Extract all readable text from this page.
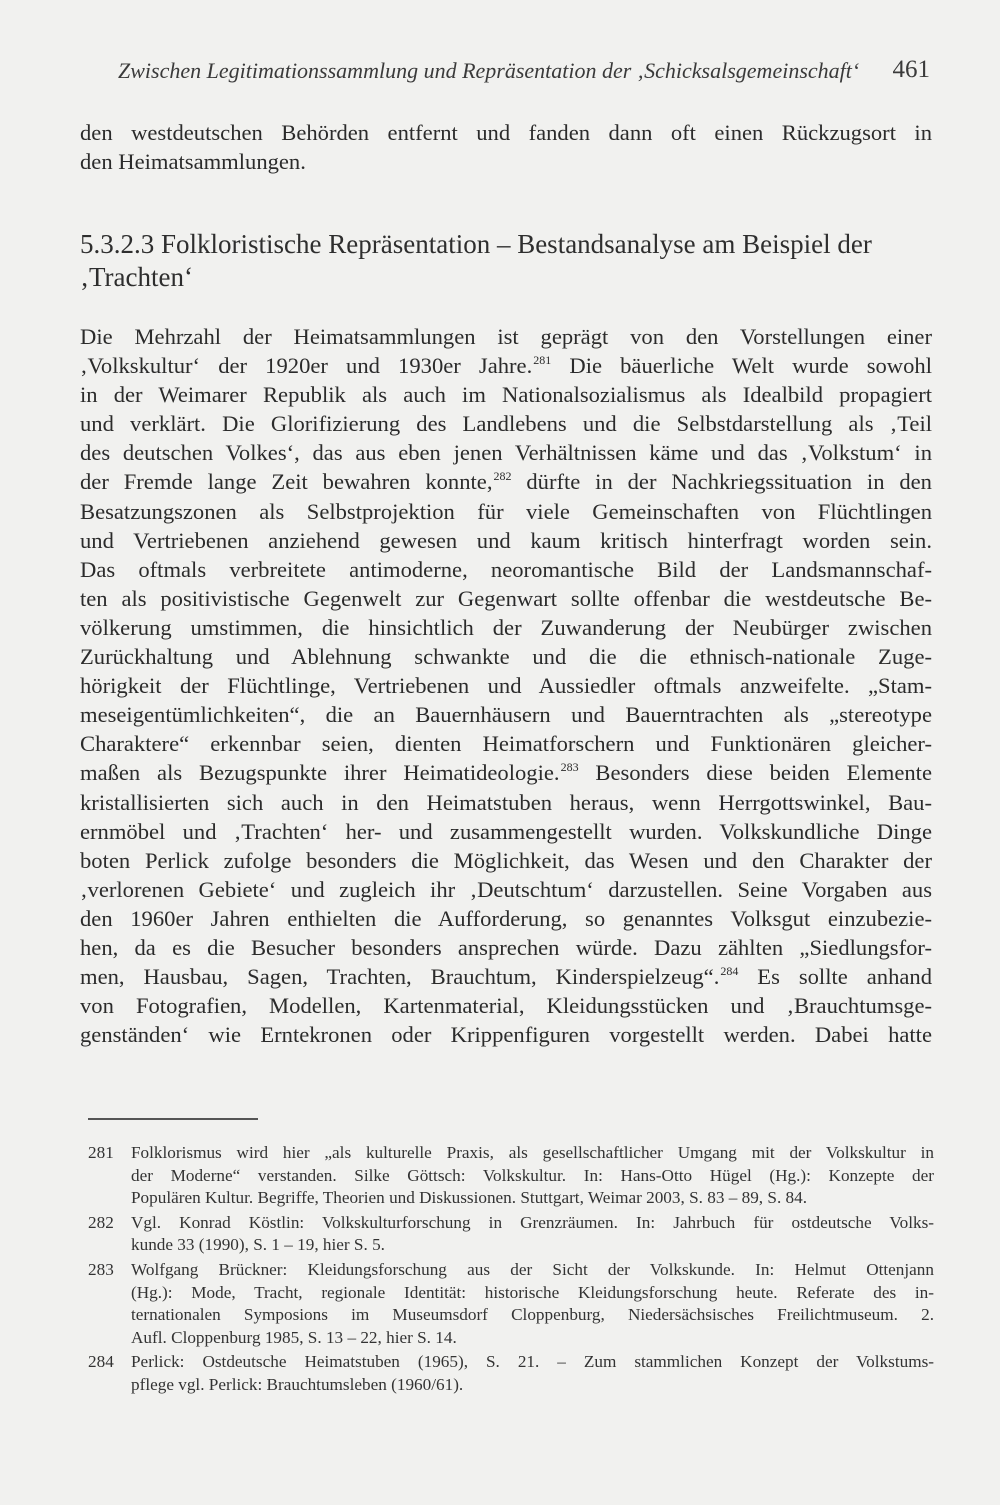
Zwischen Legitimationssammlung und Repräsentation der ‚Schicksalsgemeinschaft‘ 461
den westdeutschen Behörden entfernt und fanden dann oft einen Rückzugsort in
den Heimatsammlungen.
5.3.2.3 Folkloristische Repräsentation – Bestandsanalyse am Beispiel der
‚Trachten‘
Die Mehrzahl der Heimatsammlungen ist geprägt von den Vorstellungen einer
‚Volkskultur‘ der 1920er und 1930er Jahre.$^{281}$ Die bäuerliche Welt wurde sowohl
in der Weimarer Republik als auch im Nationalsozialismus als Idealbild propagiert
und verklärt. Die Glorifizierung des Landlebens und die Selbstdarstellung als ‚Teil
des deutschen Volkes‘, das aus eben jenen Verhältnissen käme und das ‚Volkstum‘ in
der Fremde lange Zeit bewahren konnte,$^{282}$ dürfte in der Nachkriegssituation in den
Besatzungszonen als Selbstprojektion für viele Gemeinschaften von Flüchtlingen
und Vertriebenen anziehend gewesen und kaum kritisch hinterfragt worden sein.
Das oftmals verbreitete antimoderne, neoromantische Bild der Landsmannschaf-
ten als positivistische Gegenwelt zur Gegenwart sollte offenbar die westdeutsche Be-
völkerung umstimmen, die hinsichtlich der Zuwanderung der Neubürger zwischen
Zurückhaltung und Ablehnung schwankte und die die ethnisch-nationale Zuge-
hörigkeit der Flüchtlinge, Vertriebenen und Aussiedler oftmals anzweifelte. „Stam-
meseigentümlichkeiten“, die an Bauernhäusern und Bauerntrachten als „stereotype
Charaktere“ erkennbar seien, dienten Heimatforschern und Funktionären gleicher-
maßen als Bezugspunkte ihrer Heimatideologie.$^{283}$ Besonders diese beiden Elemente
kristallisierten sich auch in den Heimatstuben heraus, wenn Herrgottswinkel, Bau-
ernmöbel und ‚Trachten‘ her- und zusammengestellt wurden. Volkskundliche Dinge
boten Perlick zufolge besonders die Möglichkeit, das Wesen und den Charakter der
‚verlorenen Gebiete‘ und zugleich ihr ‚Deutschtum‘ darzustellen. Seine Vorgaben aus
den 1960er Jahren enthielten die Aufforderung, so genanntes Volksgut einzubezie-
hen, da es die Besucher besonders ansprechen würde. Dazu zählten „Siedlungsfor-
men, Hausbau, Sagen, Trachten, Brauchtum, Kinderspielzeug“.$^{284}$ Es sollte anhand
von Fotografien, Modellen, Kartenmaterial, Kleidungsstücken und ‚Brauchtumsge-
genständen‘ wie Erntekronen oder Krippenfiguren vorgestellt werden. Dabei hatte
281 Folklorismus wird hier „als kulturelle Praxis, als gesellschaftlicher Umgang mit der Volkskultur in
der Moderne“ verstanden. Silke Göttsch: Volkskultur. In: Hans-Otto Hügel (Hg.): Konzepte der
Populären Kultur. Begriffe, Theorien und Diskussionen. Stuttgart, Weimar 2003, S. 83 – 89, S. 84.
282 Vgl. Konrad Köstlin: Volkskulturforschung in Grenzräumen. In: Jahrbuch für ostdeutsche Volks-
kunde 33 (1990), S. 1 – 19, hier S. 5.
283 Wolfgang Brückner: Kleidungsforschung aus der Sicht der Volkskunde. In: Helmut Ottenjann
(Hg.): Mode, Tracht, regionale Identität: historische Kleidungsforschung heute. Referate des in-
ternationalen Symposions im Museumsdorf Cloppenburg, Niedersächsisches Freilichtmuseum. 2.
Aufl. Cloppenburg 1985, S. 13 – 22, hier S. 14.
284 Perlick: Ostdeutsche Heimatstuben (1965), S. 21. – Zum stammlichen Konzept der Volkstums-
pflege vgl. Perlick: Brauchtumsleben (1960/61).
